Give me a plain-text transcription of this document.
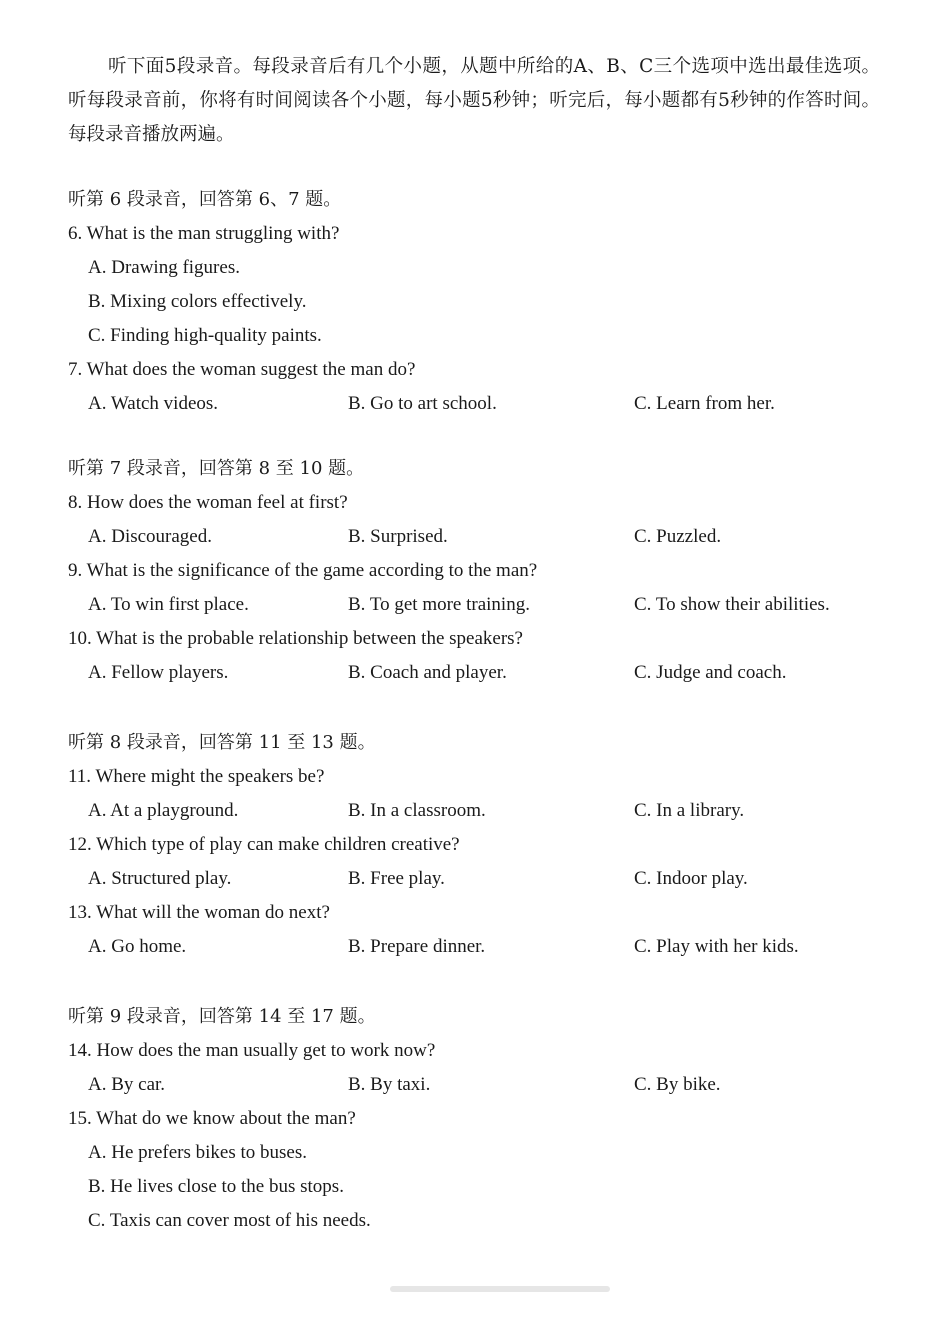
听下面5段录音。每段录音后有几个小题，从题中所给的A、B、C三个选项中选出最佳选项。听每段录音前，你将有时间阅读各个小题，每小题5秒钟；听完后，每小题都有5秒钟的作答时间。每段录音播放两遍。
听第 6 段录音，回答第 6、7 题。
6. What is the man struggling with?
A. Drawing figures.
B. Mixing colors effectively.
C. Finding high-quality paints.
7. What does the woman suggest the man do?
A. Watch videos.	B. Go to art school.	C. Learn from her.
听第 7 段录音，回答第 8 至 10 题。
8. How does the woman feel at first?
A. Discouraged.	B. Surprised.	C. Puzzled.
9. What is the significance of the game according to the man?
A. To win first place.	B. To get more training.	C. To show their abilities.
10. What is the probable relationship between the speakers?
A. Fellow players.	B. Coach and player.	C. Judge and coach.
听第 8 段录音，回答第 11 至 13 题。
11. Where might the speakers be?
A. At a playground.	B. In a classroom.	C. In a library.
12. Which type of play can make children creative?
A. Structured play.	B. Free play.	C. Indoor play.
13. What will the woman do next?
A. Go home.	B. Prepare dinner.	C. Play with her kids.
听第 9 段录音，回答第 14 至 17 题。
14. How does the man usually get to work now?
A. By car.	B. By taxi.	C. By bike.
15. What do we know about the man?
A. He prefers bikes to buses.
B. He lives close to the bus stops.
C. Taxis can cover most of his needs.
